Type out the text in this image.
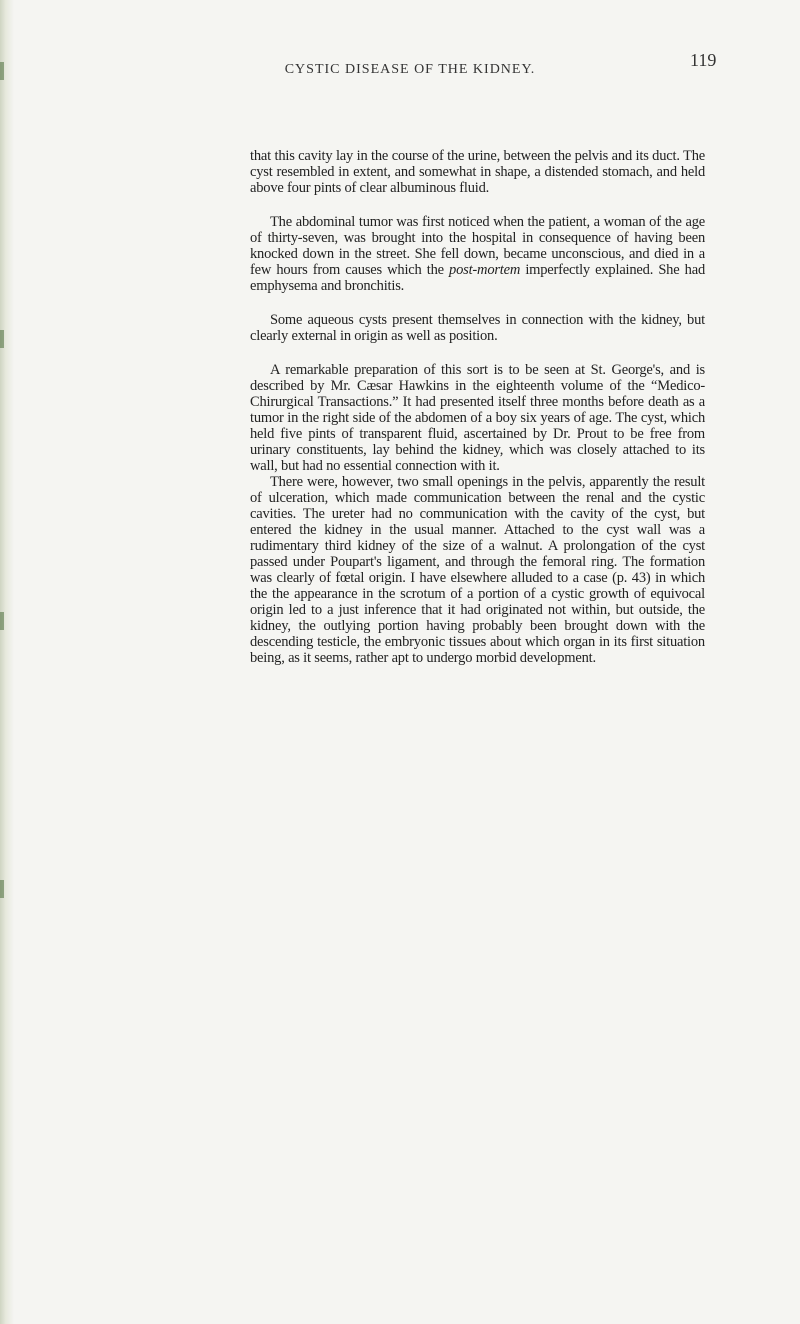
CYSTIC DISEASE OF THE KIDNEY.	119

that this cavity lay in the course of the urine, between the pelvis and its duct. The cyst resembled in extent, and somewhat in shape, a distended stomach, and held above four pints of clear albuminous fluid.

The abdominal tumor was first noticed when the patient, a woman of the age of thirty-seven, was brought into the hospital in consequence of having been knocked down in the street. She fell down, became unconscious, and died in a few hours from causes which the post-mortem imperfectly explained. She had emphysema and bronchitis.

Some aqueous cysts present themselves in connection with the kidney, but clearly external in origin as well as position.

A remarkable preparation of this sort is to be seen at St. George's, and is described by Mr. Cæsar Hawkins in the eighteenth volume of the “Medico-Chirurgical Transactions.” It had presented itself three months before death as a tumor in the right side of the abdomen of a boy six years of age. The cyst, which held five pints of transparent fluid, ascertained by Dr. Prout to be free from urinary constituents, lay behind the kidney, which was closely attached to its wall, but had no essential connection with it.

There were, however, two small openings in the pelvis, apparently the result of ulceration, which made communication between the renal and the cystic cavities. The ureter had no communication with the cavity of the cyst, but entered the kidney in the usual manner. Attached to the cyst wall was a rudimentary third kidney of the size of a walnut. A prolongation of the cyst passed under Poupart's ligament, and through the femoral ring. The formation was clearly of fœtal origin. I have elsewhere alluded to a case (p. 43) in which the the appearance in the scrotum of a portion of a cystic growth of equivocal origin led to a just inference that it had originated not within, but outside, the kidney, the outlying portion having probably been brought down with the descending testicle, the embryonic tissues about which organ in its first situation being, as it seems, rather apt to undergo morbid development.
